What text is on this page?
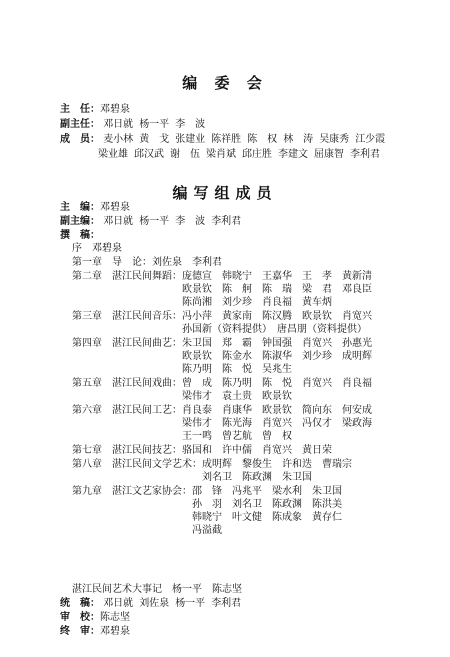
编 委 会
主　任：邓碧泉
副主任： 邓日就 杨一平 李　波
成　员： 麦小林 黄　戈 张建业 陈祥胜 陈　权 林　涛 吴康秀 江少霞
梁业雄 邱汉武 谢　伍 梁肖斌 邱庄胜 李建文 屈康智 李利君
编写组成员
主　编：邓碧泉
副主编： 邓日就 杨一平 李　波 李利君
撰　稿：
序　邓碧泉
第一章　导　论： 刘佐泉　李利君
第二章　湛江民间舞蹈： 庞德宣　韩晓宁　王嘉华　王　孝　黄新清
欧景钦　陈　舸　陈　瑞　梁　君　邓良臣
陈尚湘　刘少珍　肖良福　黄车炳
第三章　湛江民间音乐： 冯小萍　黄家南　陈汉腾　欧景钦　肖宽兴
孙国新（资料提供）　唐昌朋（资料提供）
第四章　湛江民间曲艺： 朱卫国　郑　霸　钟国强　肖宽兴　孙惠光
欧景钦　陈金水　陈淑华　刘少珍　成明辉
陈乃明　陈　悦　吴兆生
第五章　湛江民间戏曲： 曾　成　陈乃明　陈　悦　肖宽兴　肖良福
梁伟才　袁土贵　欧景钦
第六章　湛江民间工艺： 肖良泰　肖康华　欧景钦　简向东　何安成
梁伟才　陈光海　肖宽兴　冯仅才　梁政海
王一鸣　曾艺航　曾　权
第七章　湛江民间技艺： 骆国和　许中儒　肖宽兴　黄日荣
第八章　湛江民间文学艺术： 成明辉　黎俊生　许和迭　曹瑞宗
刘名卫　陈政渊　朱卫国
第九章　湛江文艺家协会： 邵　锋　冯兆平　梁水利　朱卫国
孙　羽　刘名卫　陈政渊　陈洪美
韩晓宁　叶文健　陈成象　黄存仁
冯溢截
湛江民间艺术大事记　杨一平　陈志坚
统　稿： 邓日就 刘佐泉 杨一平 李利君
审　校：陈志坚
终　审：邓碧泉
